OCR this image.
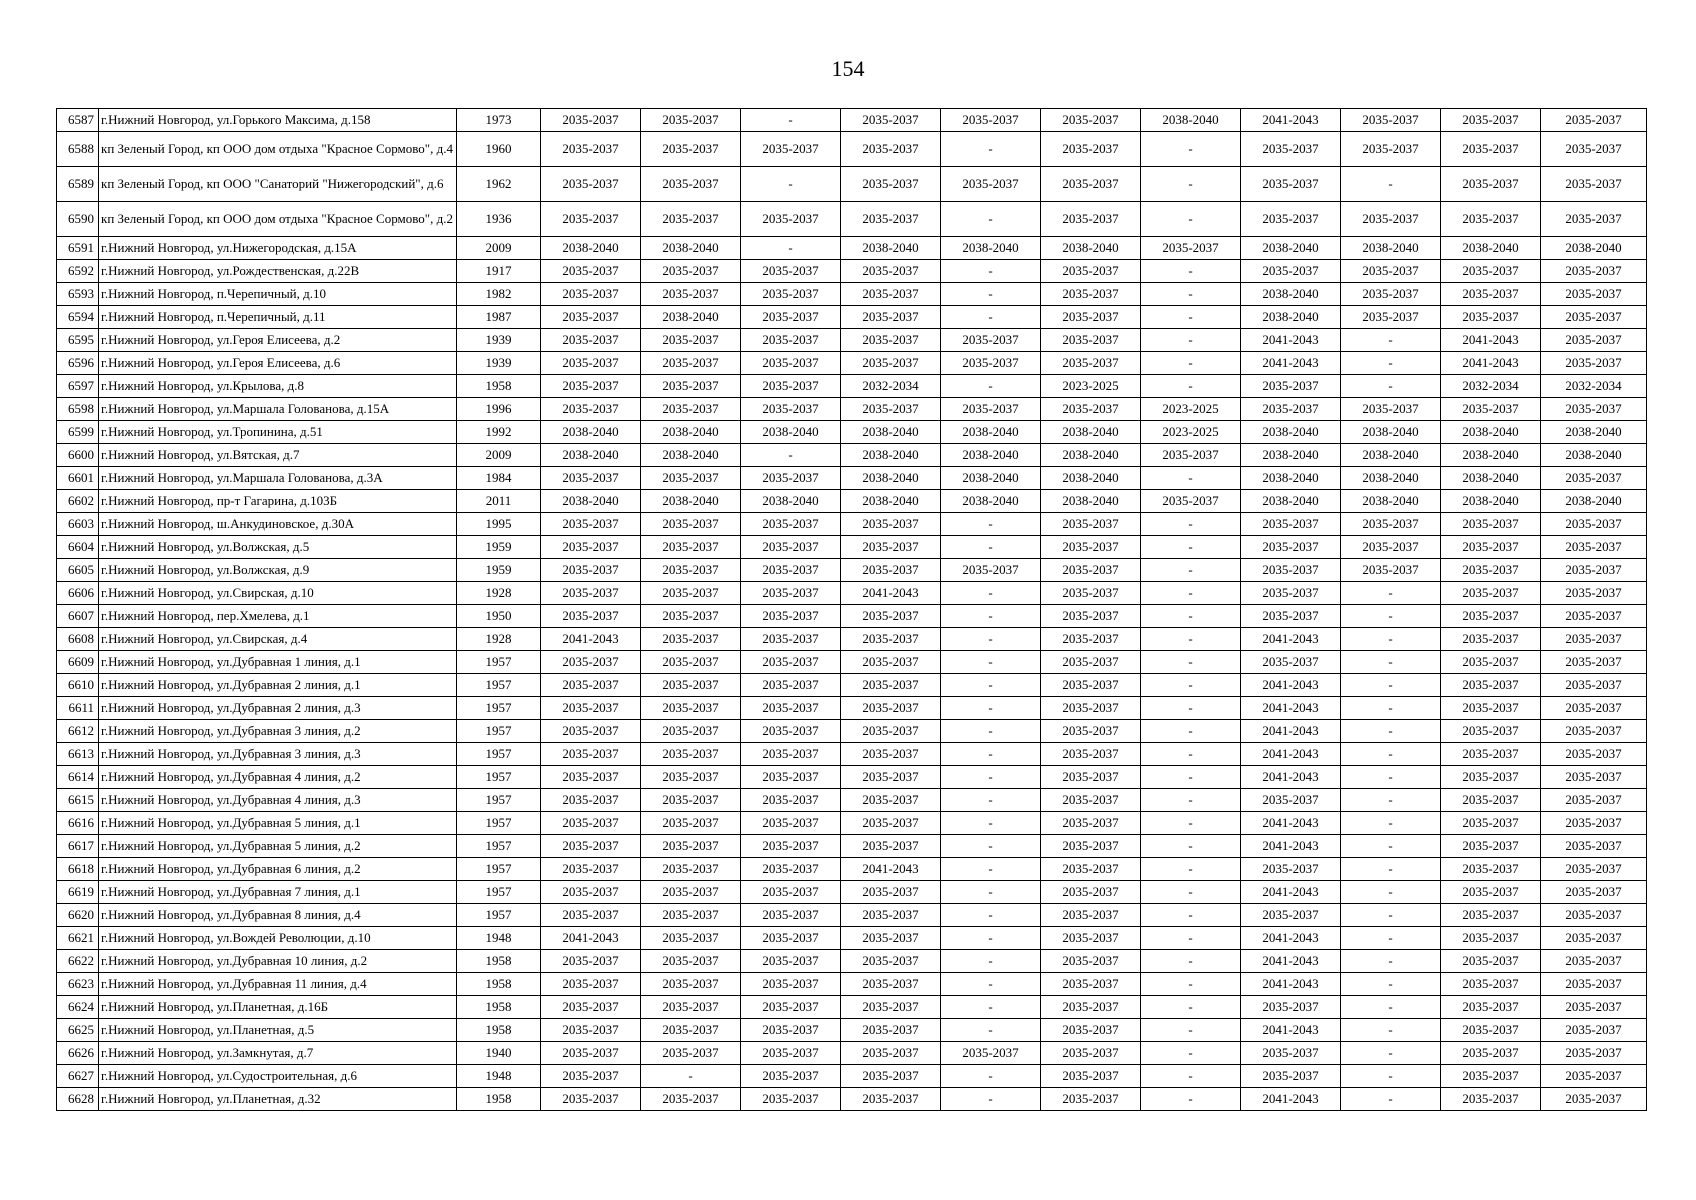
154
6587	г.Нижний Новгород, ул.Горького Максима, д.158	1973	2035-2037	2035-2037	-	2035-2037	2035-2037	2035-2037	2038-2040	2041-2043	2035-2037	2035-2037	2035-2037
6588	кп Зеленый Город, кп ООО дом отдыха "Красное Сормово", д.4	1960	2035-2037	2035-2037	2035-2037	2035-2037	-	2035-2037	-	2035-2037	2035-2037	2035-2037	2035-2037
6589	кп Зеленый Город, кп ООО "Санаторий "Нижегородский", д.6	1962	2035-2037	2035-2037	-	2035-2037	2035-2037	2035-2037	-	2035-2037	-	2035-2037	2035-2037
6590	кп Зеленый Город, кп ООО дом отдыха "Красное Сормово", д.2	1936	2035-2037	2035-2037	2035-2037	2035-2037	-	2035-2037	-	2035-2037	2035-2037	2035-2037	2035-2037
6591	г.Нижний Новгород, ул.Нижегородская, д.15А	2009	2038-2040	2038-2040	-	2038-2040	2038-2040	2038-2040	2035-2037	2038-2040	2038-2040	2038-2040	2038-2040
6592	г.Нижний Новгород, ул.Рождественская, д.22В	1917	2035-2037	2035-2037	2035-2037	2035-2037	-	2035-2037	-	2035-2037	2035-2037	2035-2037	2035-2037
6593	г.Нижний Новгород, п.Черепичный, д.10	1982	2035-2037	2035-2037	2035-2037	2035-2037	-	2035-2037	-	2038-2040	2035-2037	2035-2037	2035-2037
6594	г.Нижний Новгород, п.Черепичный, д.11	1987	2035-2037	2038-2040	2035-2037	2035-2037	-	2035-2037	-	2038-2040	2035-2037	2035-2037	2035-2037
6595	г.Нижний Новгород, ул.Героя Елисеева, д.2	1939	2035-2037	2035-2037	2035-2037	2035-2037	2035-2037	2035-2037	-	2041-2043	-	2041-2043	2035-2037
6596	г.Нижний Новгород, ул.Героя Елисеева, д.6	1939	2035-2037	2035-2037	2035-2037	2035-2037	2035-2037	2035-2037	-	2041-2043	-	2041-2043	2035-2037
6597	г.Нижний Новгород, ул.Крылова, д.8	1958	2035-2037	2035-2037	2035-2037	2032-2034	-	2023-2025	-	2035-2037	-	2032-2034	2032-2034
6598	г.Нижний Новгород, ул.Маршала Голованова, д.15А	1996	2035-2037	2035-2037	2035-2037	2035-2037	2035-2037	2035-2037	2023-2025	2035-2037	2035-2037	2035-2037	2035-2037
6599	г.Нижний Новгород, ул.Тропинина, д.51	1992	2038-2040	2038-2040	2038-2040	2038-2040	2038-2040	2038-2040	2023-2025	2038-2040	2038-2040	2038-2040	2038-2040
6600	г.Нижний Новгород, ул.Вятская, д.7	2009	2038-2040	2038-2040	-	2038-2040	2038-2040	2038-2040	2035-2037	2038-2040	2038-2040	2038-2040	2038-2040
6601	г.Нижний Новгород, ул.Маршала Голованова, д.3А	1984	2035-2037	2035-2037	2035-2037	2038-2040	2038-2040	2038-2040	-	2038-2040	2038-2040	2038-2040	2035-2037
6602	г.Нижний Новгород, пр-т Гагарина, д.103Б	2011	2038-2040	2038-2040	2038-2040	2038-2040	2038-2040	2038-2040	2035-2037	2038-2040	2038-2040	2038-2040	2038-2040
6603	г.Нижний Новгород, ш.Анкудиновское, д.30А	1995	2035-2037	2035-2037	2035-2037	2035-2037	-	2035-2037	-	2035-2037	2035-2037	2035-2037	2035-2037
6604	г.Нижний Новгород, ул.Волжская, д.5	1959	2035-2037	2035-2037	2035-2037	2035-2037	-	2035-2037	-	2035-2037	2035-2037	2035-2037	2035-2037
6605	г.Нижний Новгород, ул.Волжская, д.9	1959	2035-2037	2035-2037	2035-2037	2035-2037	2035-2037	2035-2037	-	2035-2037	2035-2037	2035-2037	2035-2037
6606	г.Нижний Новгород, ул.Свирская, д.10	1928	2035-2037	2035-2037	2035-2037	2041-2043	-	2035-2037	-	2035-2037	-	2035-2037	2035-2037
6607	г.Нижний Новгород, пер.Хмелева, д.1	1950	2035-2037	2035-2037	2035-2037	2035-2037	-	2035-2037	-	2035-2037	-	2035-2037	2035-2037
6608	г.Нижний Новгород, ул.Свирская, д.4	1928	2041-2043	2035-2037	2035-2037	2035-2037	-	2035-2037	-	2041-2043	-	2035-2037	2035-2037
6609	г.Нижний Новгород, ул.Дубравная 1 линия, д.1	1957	2035-2037	2035-2037	2035-2037	2035-2037	-	2035-2037	-	2035-2037	-	2035-2037	2035-2037
6610	г.Нижний Новгород, ул.Дубравная 2 линия, д.1	1957	2035-2037	2035-2037	2035-2037	2035-2037	-	2035-2037	-	2041-2043	-	2035-2037	2035-2037
6611	г.Нижний Новгород, ул.Дубравная 2 линия, д.3	1957	2035-2037	2035-2037	2035-2037	2035-2037	-	2035-2037	-	2041-2043	-	2035-2037	2035-2037
6612	г.Нижний Новгород, ул.Дубравная 3 линия, д.2	1957	2035-2037	2035-2037	2035-2037	2035-2037	-	2035-2037	-	2041-2043	-	2035-2037	2035-2037
6613	г.Нижний Новгород, ул.Дубравная 3 линия, д.3	1957	2035-2037	2035-2037	2035-2037	2035-2037	-	2035-2037	-	2041-2043	-	2035-2037	2035-2037
6614	г.Нижний Новгород, ул.Дубравная 4 линия, д.2	1957	2035-2037	2035-2037	2035-2037	2035-2037	-	2035-2037	-	2041-2043	-	2035-2037	2035-2037
6615	г.Нижний Новгород, ул.Дубравная 4 линия, д.3	1957	2035-2037	2035-2037	2035-2037	2035-2037	-	2035-2037	-	2035-2037	-	2035-2037	2035-2037
6616	г.Нижний Новгород, ул.Дубравная 5 линия, д.1	1957	2035-2037	2035-2037	2035-2037	2035-2037	-	2035-2037	-	2041-2043	-	2035-2037	2035-2037
6617	г.Нижний Новгород, ул.Дубравная 5 линия, д.2	1957	2035-2037	2035-2037	2035-2037	2035-2037	-	2035-2037	-	2041-2043	-	2035-2037	2035-2037
6618	г.Нижний Новгород, ул.Дубравная 6 линия, д.2	1957	2035-2037	2035-2037	2035-2037	2041-2043	-	2035-2037	-	2035-2037	-	2035-2037	2035-2037
6619	г.Нижний Новгород, ул.Дубравная 7 линия, д.1	1957	2035-2037	2035-2037	2035-2037	2035-2037	-	2035-2037	-	2041-2043	-	2035-2037	2035-2037
6620	г.Нижний Новгород, ул.Дубравная 8 линия, д.4	1957	2035-2037	2035-2037	2035-2037	2035-2037	-	2035-2037	-	2035-2037	-	2035-2037	2035-2037
6621	г.Нижний Новгород, ул.Вождей Революции, д.10	1948	2041-2043	2035-2037	2035-2037	2035-2037	-	2035-2037	-	2041-2043	-	2035-2037	2035-2037
6622	г.Нижний Новгород, ул.Дубравная 10 линия, д.2	1958	2035-2037	2035-2037	2035-2037	2035-2037	-	2035-2037	-	2041-2043	-	2035-2037	2035-2037
6623	г.Нижний Новгород, ул.Дубравная 11 линия, д.4	1958	2035-2037	2035-2037	2035-2037	2035-2037	-	2035-2037	-	2041-2043	-	2035-2037	2035-2037
6624	г.Нижний Новгород, ул.Планетная, д.16Б	1958	2035-2037	2035-2037	2035-2037	2035-2037	-	2035-2037	-	2035-2037	-	2035-2037	2035-2037
6625	г.Нижний Новгород, ул.Планетная, д.5	1958	2035-2037	2035-2037	2035-2037	2035-2037	-	2035-2037	-	2041-2043	-	2035-2037	2035-2037
6626	г.Нижний Новгород, ул.Замкнутая, д.7	1940	2035-2037	2035-2037	2035-2037	2035-2037	2035-2037	2035-2037	-	2035-2037	-	2035-2037	2035-2037
6627	г.Нижний Новгород, ул.Судостроительная, д.6	1948	2035-2037	-	2035-2037	2035-2037	-	2035-2037	-	2035-2037	-	2035-2037	2035-2037
6628	г.Нижний Новгород, ул.Планетная, д.32	1958	2035-2037	2035-2037	2035-2037	2035-2037	-	2035-2037	-	2041-2043	-	2035-2037	2035-2037
